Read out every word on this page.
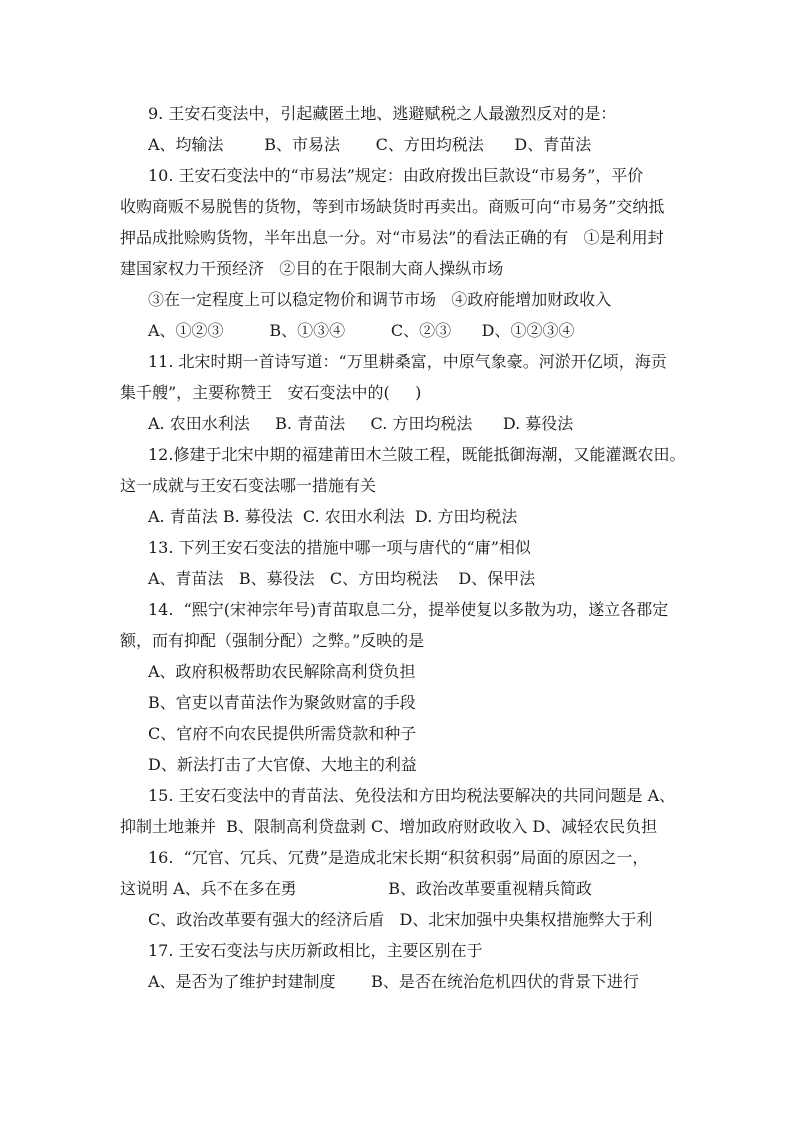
9. 王安石变法中，引起藏匿土地、逃避赋税之人最激烈反对的是：
A、均输法        B、市易法       C、方田均税法      D、青苗法
10. 王安石变法中的“市易法”规定：由政府拨出巨款设“市易务”，平价
收购商贩不易脱售的货物，等到市场缺货时再卖出。商贩可向“市易务”交纳抵
押品成批赊购货物，半年出息一分。对“市易法”的看法正确的有   ①是利用封
建国家权力干预经济   ②目的在于限制大商人操纵市场
③在一定程度上可以稳定物价和调节市场   ④政府能增加财政收入
A、①②③         B、①③④         C、②③      D、①②③④
11. 北宋时期一首诗写道：“万里耕桑富，中原气象豪。河淤开亿顷，海贡
集千艘”，主要称赞王   安石变法中的(     )
A. 农田水利法     B. 青苗法     C. 方田均税法      D. 募役法
12.修建于北宋中期的福建莆田木兰陂工程，既能抵御海潮，又能灌溉农田。
这一成就与王安石变法哪一措施有关
A. 青苗法 B. 募役法  C. 农田水利法  D. 方田均税法
13. 下列王安石变法的措施中哪一项与唐代的“庸”相似
A、青苗法   B、募役法   C、方田均税法    D、保甲法
14.  “熙宁(宋神宗年号)青苗取息二分，提举使复以多散为功，遂立各郡定
额，而有抑配（强制分配）之弊。”反映的是
A、政府积极帮助农民解除高利贷负担
B、官吏以青苗法作为聚敛财富的手段
C、官府不向农民提供所需贷款和种子
D、新法打击了大官僚、大地主的利益
15. 王安石变法中的青苗法、免役法和方田均税法要解决的共同问题是 A、
抑制土地兼并  B、限制高利贷盘剥 C、增加政府财政收入 D、减轻农民负担
16.  “冗官、冗兵、冗费”是造成北宋长期“积贫积弱”局面的原因之一，
这说明 A、兵不在多在勇                  B、政治改革要重视精兵简政
C、政治改革要有强大的经济后盾   D、北宋加强中央集权措施弊大于利
17. 王安石变法与庆历新政相比，主要区别在于
A、是否为了维护封建制度       B、是否在统治危机四伏的背景下进行
